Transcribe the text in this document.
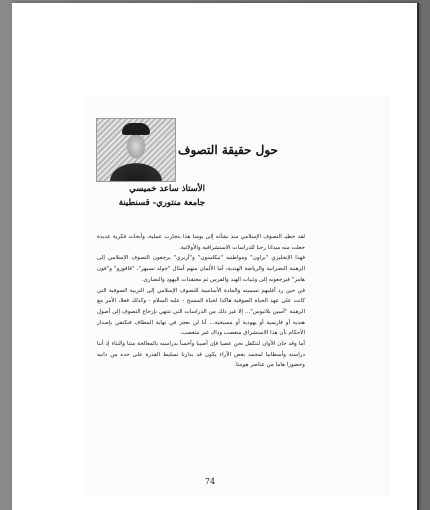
حول حقيقة التصوف
الأستاذ ساعد خميسي
جامعة منتوري- قسنطينة

لقد حظيـ التصوف الإسلامي منذ نشأته إلى يومنا هذا بتجارب عملية، وأبحاث فكرية عديدة جعلت منه ميدانا رحبا للدراسات الاستشراقية والأولائية.

فهذا الإنجليزي "براون" ومواطنيه "نيكلسون" و"آربري" يرجعون التصوف الإسلامي إلى الرهبنة النصرانية والرياضة الهندية، أما الألمان منهم أمثال "جولد تسيهر"، "فاقوزو" و"فون هامر" فيرجعونه إلى وثنيات الهند والفرس ثم معتقدات اليهود والنصارى.

في حين رد أغلبهم تسميته والمادة الأساسية للتصوف الإسلامي إلى التربية الصوفية التي كانت على عهد الحياة الصوفية هاكذا لحياة المسيح - عليه السلام - وكذلك فعلا، الأمر مع الرهبنة "أسين بلاثيوس"... إلا غير ذلك من الدراسات التي تنتهي بإرجاع التصوف إلى أصول هندية أو فارسية أو يهودية أو مسيحية... أنا لن نعجز في نهاية المطاف فنكتفي بإصدار الأحكام بأن هذا الاستشراق متعصب وذاك غير متعصب.

أما وقد حان الأوان لنتكفل نحن عصيا فإن أصيبا وأخسأ بدراسته بالمعالجة متنا والبناء إذ أننا دراسته وأسطانيا لمحمد بعض الآراء يكون قد بدارنا تسليط القدرة على حده من دانيه وحضورا هاما من عناصر هويتنا.

74
